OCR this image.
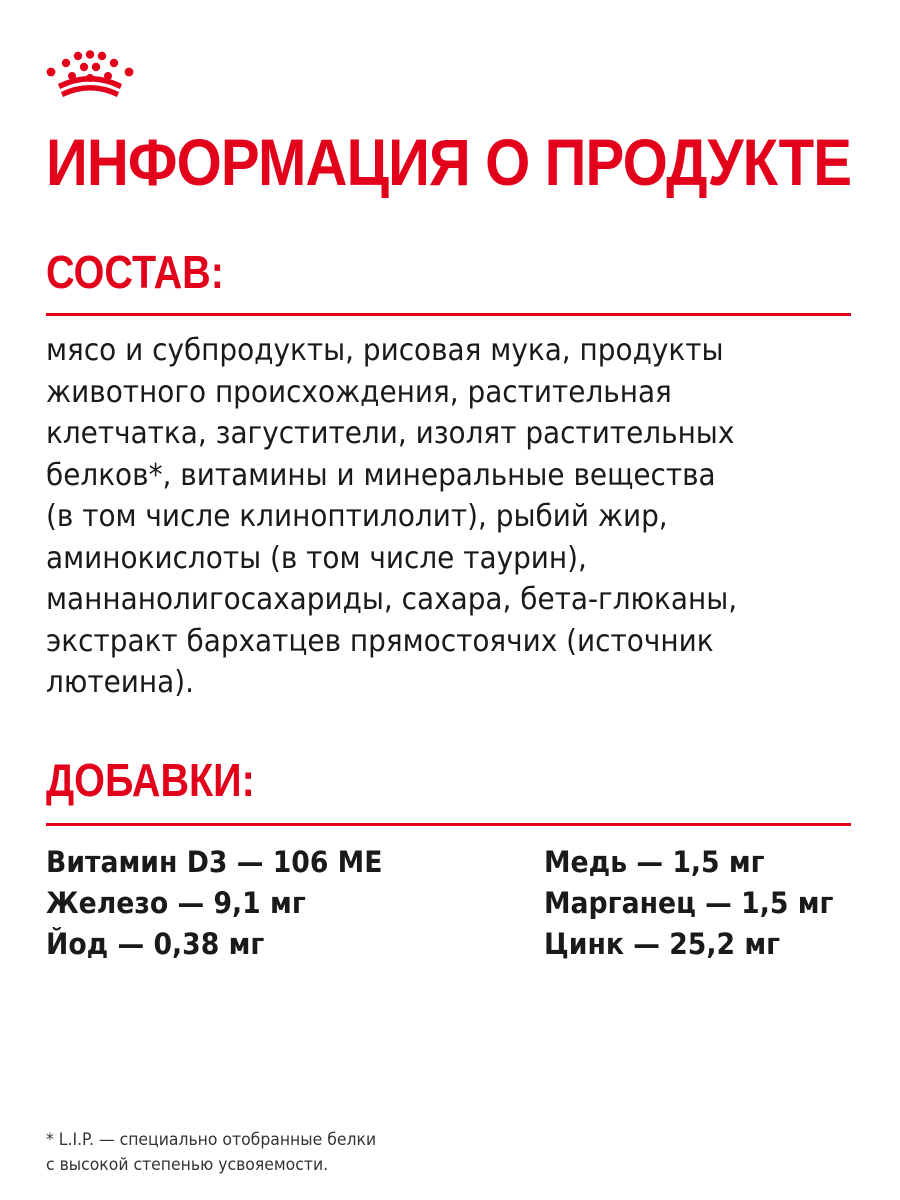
ИНФОРМАЦИЯ О ПРОДУКТЕ
СОСТАВ:

мясо и субпродукты, рисовая мука, продукты
животного происхождения, растительная
клетчатка, загустители, изолят растительных
белков*, витамины и минеральные вещества
(в том числе клиноптилолит), рыбий жир,
аминокислоты (в том числе таурин),
маннанолигосахариды, сахара, бета-глюканы,
экстракт бархатцев прямостоячих (источник
лютеина).

ДОБАВКИ:
Витамин D3 — 106 МЕ
Железо — 9,1 мг
Йод — 0,38 мг
Медь — 1,5 мг
Марганец — 1,5 мг
Цинк — 25,2 мг

* L.I.P. — специально отобранные белки
с высокой степенью усвояемости.
